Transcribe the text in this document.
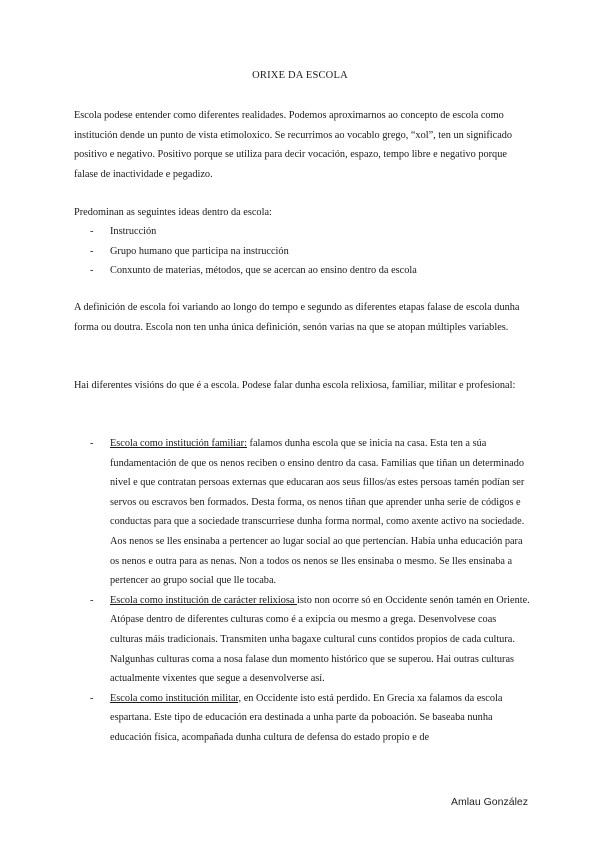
ORIXE DA ESCOLA

Escola podese entender como diferentes realidades. Podemos aproximarnos ao concepto de escola como institución dende un punto de vista etimoloxico. Se recurrimos ao vocablo grego, “xol”, ten un significado positivo e negativo. Positivo porque se utiliza para decir vocación, espazo, tempo libre e negativo porque falase de inactividade e pegadizo.

Predominan as seguintes ideas dentro da escola:

- Instrucción
- Grupo humano que participa na instrucción
- Conxunto de materias, métodos, que se acercan ao ensino dentro da escola

A definición de escola foi variando ao longo do tempo e segundo as diferentes etapas falase de escola dunha forma ou doutra. Escola non ten unha única definición, senón varias na que se atopan múltiples variables.

Hai diferentes visións do que é a escola. Podese falar dunha escola relixiosa, familiar, militar e profesional:

- Escola como institución familiar: falamos dunha escola que se inicia na casa. Esta ten a súa fundamentación de que os nenos reciben o ensino dentro da casa. Familias que tiñan un determinado nivel e que contratan persoas externas que educaran aos seus fillos/as estes persoas tamén podían ser servos ou escravos ben formados. Desta forma, os nenos tiñan que aprender unha serie de códigos e conductas para que a sociedade transcurriese dunha forma normal, como axente activo na sociedade. Aos nenos se lles ensinaba a pertencer ao lugar social ao que pertencían. Había unha educación para os nenos e outra para as nenas. Non a todos os nenos se lles ensinaba o mesmo. Se lles ensinaba a pertencer ao grupo social que lle tocaba.
- Escola como institución de carácter relixiosa isto non ocorre só en Occidente senón tamén en Oriente. Atópase dentro de diferentes culturas como é a exipcia ou mesmo a grega. Desenvolvese coas culturas máis tradicionais. Transmiten unha bagaxe cultural cuns contidos propios de cada cultura. Nalgunhas culturas coma a nosa falase dun momento histórico que se superou. Hai outras culturas actualmente vixentes que segue a desenvolverse así.
- Escola como institución militar, en Occidente isto está perdido. En Grecia xa falamos da escola espartana. Este tipo de educación era destinada a unha parte da poboación. Se baseaba nunha educación física, acompañada dunha cultura de defensa do estado propio e de
Amlau González
